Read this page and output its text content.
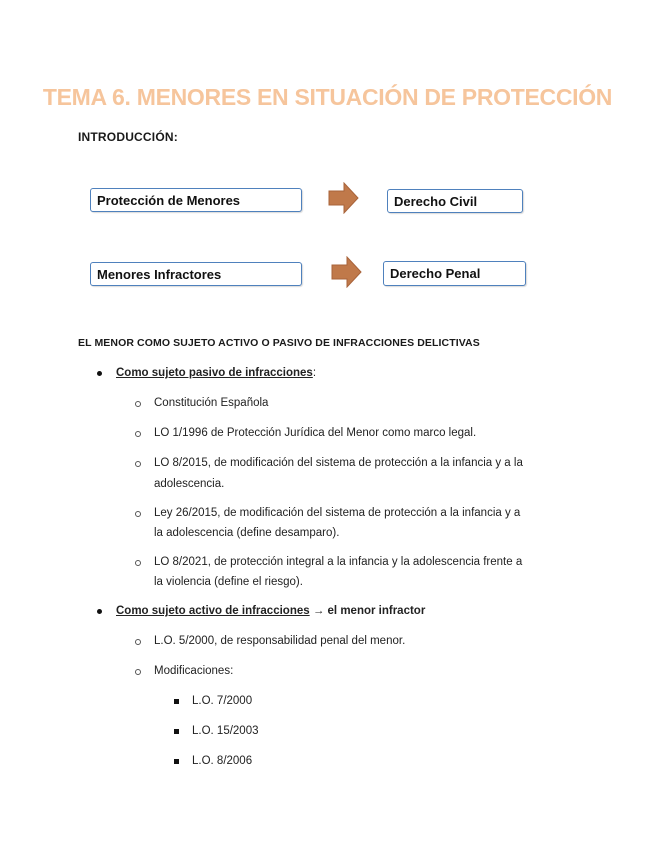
TEMA 6. MENORES EN SITUACIÓN DE PROTECCIÓN
INTRODUCCIÓN:
Protección de Menores	Derecho Civil
Menores Infractores	Derecho Penal
EL MENOR COMO SUJETO ACTIVO O PASIVO DE INFRACCIONES DELICTIVAS
Como sujeto pasivo de infracciones:
Constitución Española
LO 1/1996 de Protección Jurídica del Menor como marco legal.
LO 8/2015, de modificación del sistema de protección a la infancia y a la
adolescencia.
Ley 26/2015, de modificación del sistema de protección a la infancia y a
la adolescencia (define desamparo).
LO 8/2021, de protección integral a la infancia y la adolescencia frente a
la violencia (define el riesgo).
Como sujeto activo de infracciones → el menor infractor
L.O. 5/2000, de responsabilidad penal del menor.
Modificaciones:
L.O. 7/2000
L.O. 15/2003
L.O. 8/2006
